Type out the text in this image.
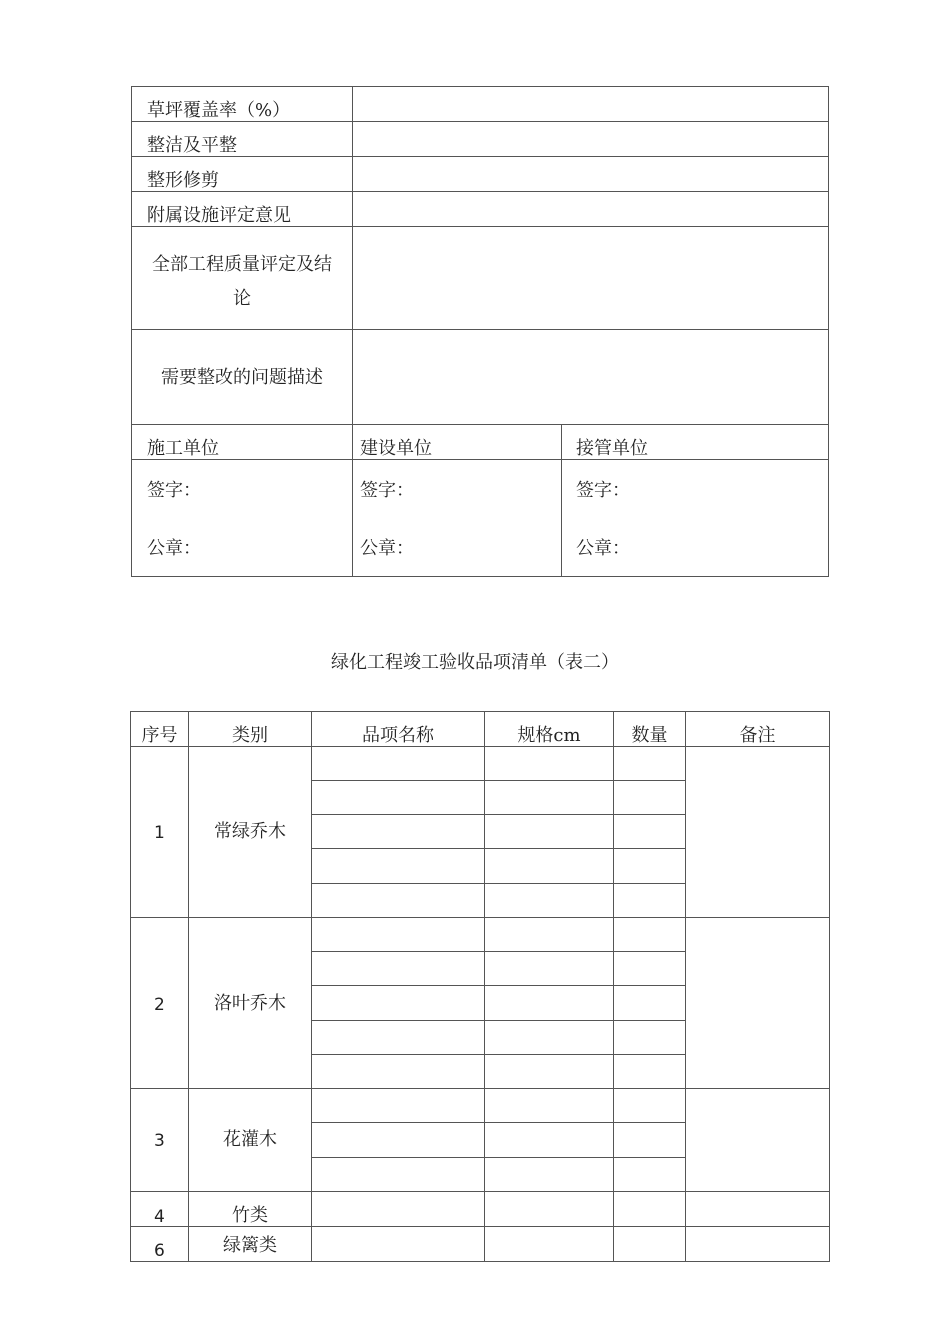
草坪覆盖率（%）
整洁及平整
整形修剪
附属设施评定意见
全部工程质量评定及结
论
需要整改的问题描述
施工单位	建设单位	接管单位
签字：	签字：	签字：
公章：	公章：	公章：
绿化工程竣工验收品项清单（表二）
序号	类别	品项名称	规格cm	数量	备注
1	常绿乔木
2	洛叶乔木
3	花灌木
4	竹类
6	绿篱类
